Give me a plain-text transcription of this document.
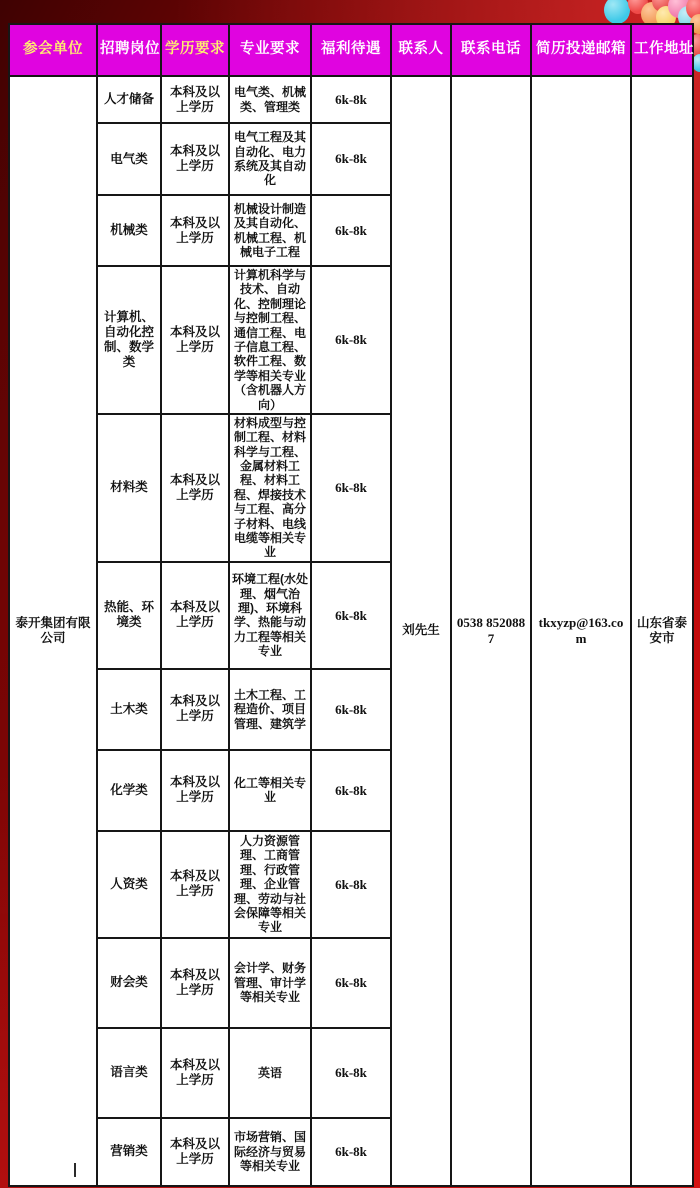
参会单位	招聘岗位	学历要求	专业要求	福利待遇	联系人	联系电话	简历投递邮箱	工作地址
泰开集团有限公司	人才储备	本科及以上学历	电气类、机械类、管理类	6k-8k	刘先生	0538 8520887	tkxyzp@163.com	山东省泰安市
	电气类	本科及以上学历	电气工程及其自动化、电力系统及其自动化	6k-8k				
	机械类	本科及以上学历	机械设计制造及其自动化、机械工程、机械电子工程	6k-8k				
	计算机、自动化控制、数学类	本科及以上学历	计算机科学与技术、自动化、控制理论与控制工程、通信工程、电子信息工程、软件工程、数学等相关专业（含机器人方向）	6k-8k				
	材料类	本科及以上学历	材料成型与控制工程、材料科学与工程、金属材料工程、材料工程、焊接技术与工程、高分子材料、电线电缆等相关专业	6k-8k				
	热能、环境类	本科及以上学历	环境工程(水处理、烟气治理)、环境科学、热能与动力工程等相关专业	6k-8k				
	土木类	本科及以上学历	土木工程、工程造价、项目管理、建筑学	6k-8k				
	化学类	本科及以上学历	化工等相关专业	6k-8k				
	人资类	本科及以上学历	人力资源管理、工商管理、行政管理、企业管理、劳动与社会保障等相关专业	6k-8k				
	财会类	本科及以上学历	会计学、财务管理、审计学等相关专业	6k-8k				
	语言类	本科及以上学历	英语	6k-8k				
	营销类	本科及以上学历	市场营销、国际经济与贸易等相关专业	6k-8k				
1
